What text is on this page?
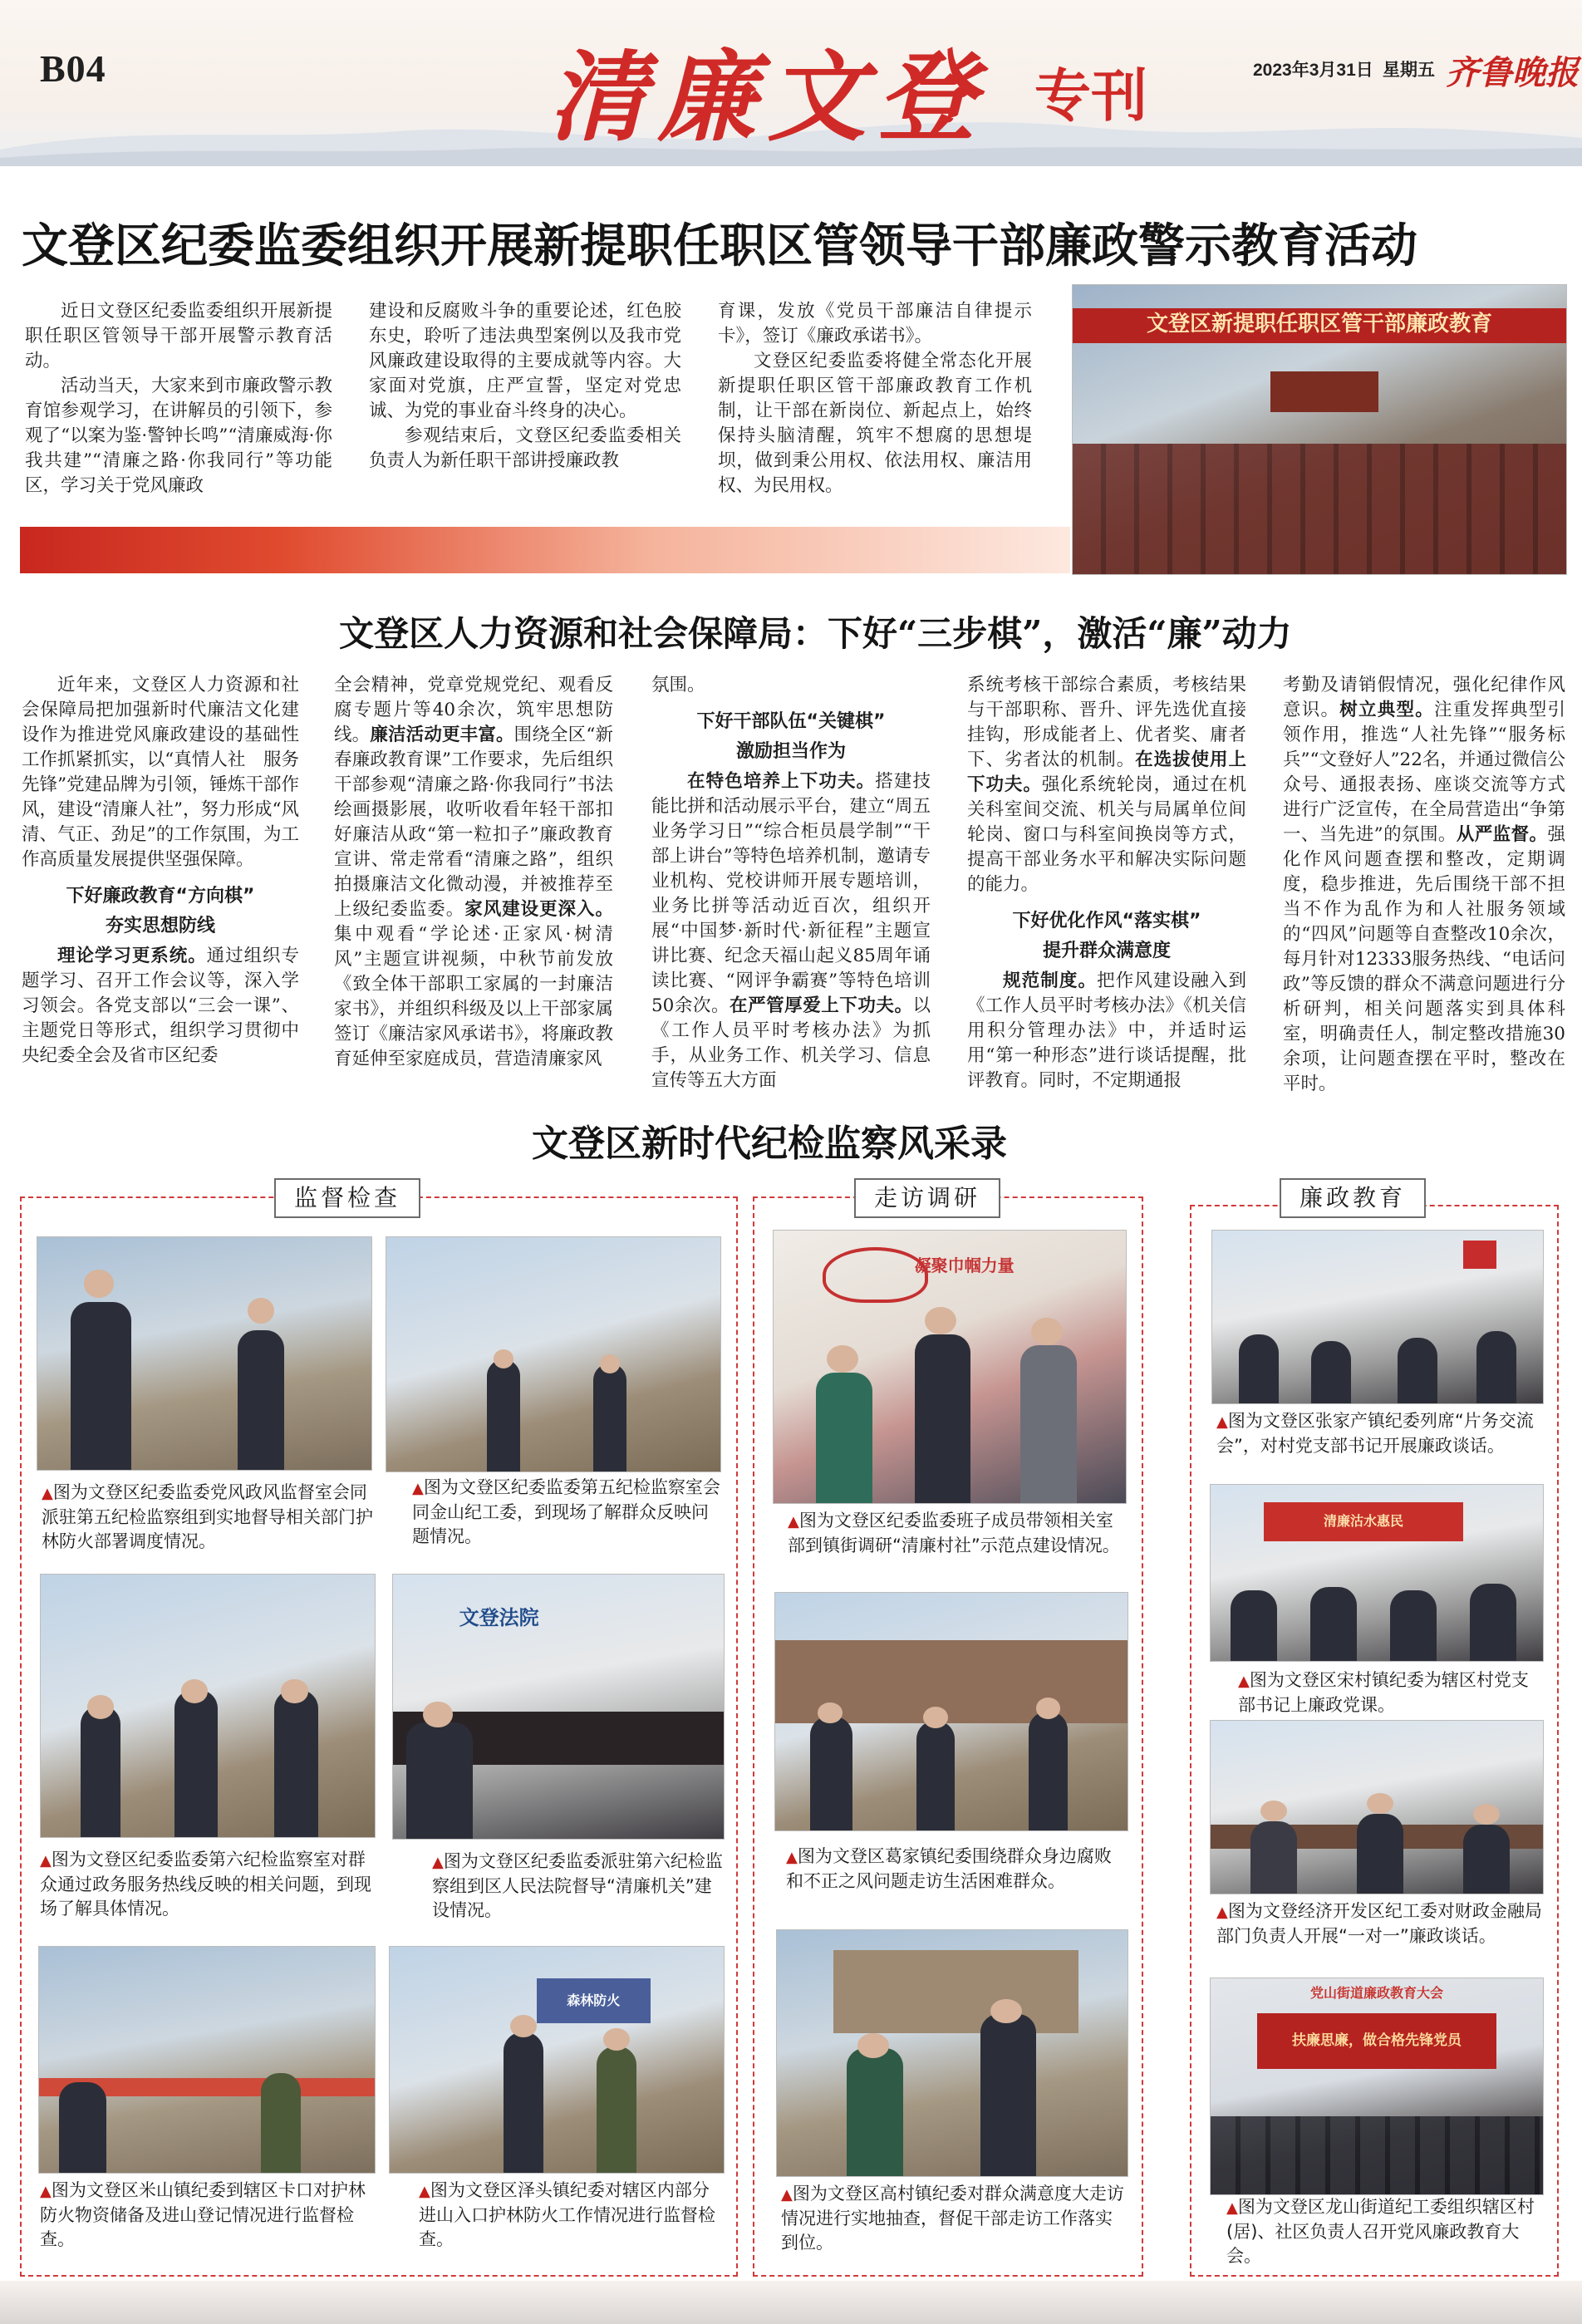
B04	清廉文登 专刊	2023年3月31日 星期五 齐鲁晚报
文登区纪委监委组织开展新提职任职区管领导干部廉政警示教育活动

近日文登区纪委监委组织开展新提职任职区管领导干部开展警示教育活动。

活动当天，大家来到市廉政警示教育馆参观学习，在讲解员的引领下，参观了“以案为鉴·警钟长鸣”“清廉威海·你我共建”“清廉之路·你我同行”等功能区，学习关于党风廉政

建设和反腐败斗争的重要论述，红色胶东史，聆听了违法典型案例以及我市党风廉政建设取得的主要成就等内容。大家面对党旗，庄严宣誓，坚定对党忠诚、为党的事业奋斗终身的决心。

参观结束后，文登区纪委监委相关负责人为新任职干部讲授廉政教

育课，发放《党员干部廉洁自律提示卡》，签订《廉政承诺书》。

文登区纪委监委将健全常态化开展新提职任职区管干部廉政教育工作机制，让干部在新岗位、新起点上，始终保持头脑清醒，筑牢不想腐的思想堤坝，做到秉公用权、依法用权、廉洁用权、为民用权。

文登区新提职任职区管干部廉政教育
文登区人力资源和社会保障局：下好“三步棋”，激活“廉”动力

近年来，文登区人力资源和社会保障局把加强新时代廉洁文化建设作为推进党风廉政建设的基础性工作抓紧抓实，以“真情人社　服务先锋”党建品牌为引领，锤炼干部作风，建设“清廉人社”，努力形成“风清、气正、劲足”的工作氛围，为工作高质量发展提供坚强保障。

下好廉政教育“方向棋”
夯实思想防线

理论学习更系统。通过组织专题学习、召开工作会议等，深入学习领会。各党支部以“三会一课”、主题党日等形式，组织学习贯彻中央纪委全会及省市区纪委

全会精神，党章党规党纪、观看反腐专题片等40余次，筑牢思想防线。廉洁活动更丰富。围绕全区“新春廉政教育课”工作要求，先后组织干部参观“清廉之路·你我同行”书法绘画摄影展，收听收看年轻干部扣好廉洁从政“第一粒扣子”廉政教育宣讲、常走常看“清廉之路”，组织拍摄廉洁文化微动漫，并被推荐至上级纪委监委。家风建设更深入。集中观看“学论述·正家风·树清风”主题宣讲视频，中秋节前发放《致全体干部职工家属的一封廉洁家书》，并组织科级及以上干部家属签订《廉洁家风承诺书》，将廉政教育延伸至家庭成员，营造清廉家风

氛围。

下好干部队伍“关键棋”
激励担当作为

在特色培养上下功夫。搭建技能比拼和活动展示平台，建立“周五业务学习日”“综合柜员晨学制”“干部上讲台”等特色培养机制，邀请专业机构、党校讲师开展专题培训，业务比拼等活动近百次，组织开展“中国梦·新时代·新征程”主题宣讲比赛、纪念天福山起义85周年诵读比赛、“网评争霸赛”等特色培训50余次。在严管厚爱上下功夫。以《工作人员平时考核办法》为抓手，从业务工作、机关学习、信息宣传等五大方面

系统考核干部综合素质，考核结果与干部职称、晋升、评先选优直接挂钩，形成能者上、优者奖、庸者下、劣者汰的机制。在选拔使用上下功夫。强化系统轮岗，通过在机关科室间交流、机关与局属单位间轮岗、窗口与科室间换岗等方式，提高干部业务水平和解决实际问题的能力。

下好优化作风“落实棋”
提升群众满意度

规范制度。把作风建设融入到《工作人员平时考核办法》《机关信用积分管理办法》中，并适时运用“第一种形态”进行谈话提醒，批评教育。同时，不定期通报

考勤及请销假情况，强化纪律作风意识。树立典型。注重发挥典型引领作用，推选“人社先锋”“服务标兵”“文登好人”22名，并通过微信公众号、通报表扬、座谈交流等方式进行广泛宣传，在全局营造出“争第一、当先进”的氛围。从严监督。强化作风问题查摆和整改，定期调度，稳步推进，先后围绕干部不担当不作为乱作为和人社服务领域的“四风”问题等自查整改10余次，每月针对12333服务热线、“电话问政”等反馈的群众不满意问题进行分析研判，相关问题落实到具体科室，明确责任人，制定整改措施30余项，让问题查摆在平时，整改在平时。

文登区新时代纪检监察风采录
监督检查
▲图为文登区纪委监委党风政风监督室会同派驻第五纪检监察组到实地督导相关部门护林防火部署调度情况。
▲图为文登区纪委监委第五纪检监察室会同金山纪工委，到现场了解群众反映问题情况。
▲图为文登区纪委监委第六纪检监察室对群众通过政务服务热线反映的相关问题，到现场了解具体情况。
文登法院
▲图为文登区纪委监委派驻第六纪检监察组到区人民法院督导“清廉机关”建设情况。
▲图为文登区米山镇纪委到辖区卡口对护林防火物资储备及进山登记情况进行监督检查。
森林防火
▲图为文登区泽头镇纪委对辖区内部分进山入口护林防火工作情况进行监督检查。
走访调研
凝聚巾帼力量
▲图为文登区纪委监委班子成员带领相关室部到镇街调研“清廉村社”示范点建设情况。
▲图为文登区葛家镇纪委围绕群众身边腐败和不正之风问题走访生活困难群众。
▲图为文登区高村镇纪委对群众满意度大走访情况进行实地抽查，督促干部走访工作落实到位。
廉政教育
▲图为文登区张家产镇纪委列席“片务交流会”，对村党支部书记开展廉政谈话。
清廉沽水惠民
▲图为文登区宋村镇纪委为辖区村党支部书记上廉政党课。
▲图为文登经济开发区纪工委对财政金融局部门负责人开展“一对一”廉政谈话。
党山街道廉政教育大会
扶廉思廉，做合格先锋党员
▲图为文登区龙山街道纪工委组织辖区村(居)、社区负责人召开党风廉政教育大会。
